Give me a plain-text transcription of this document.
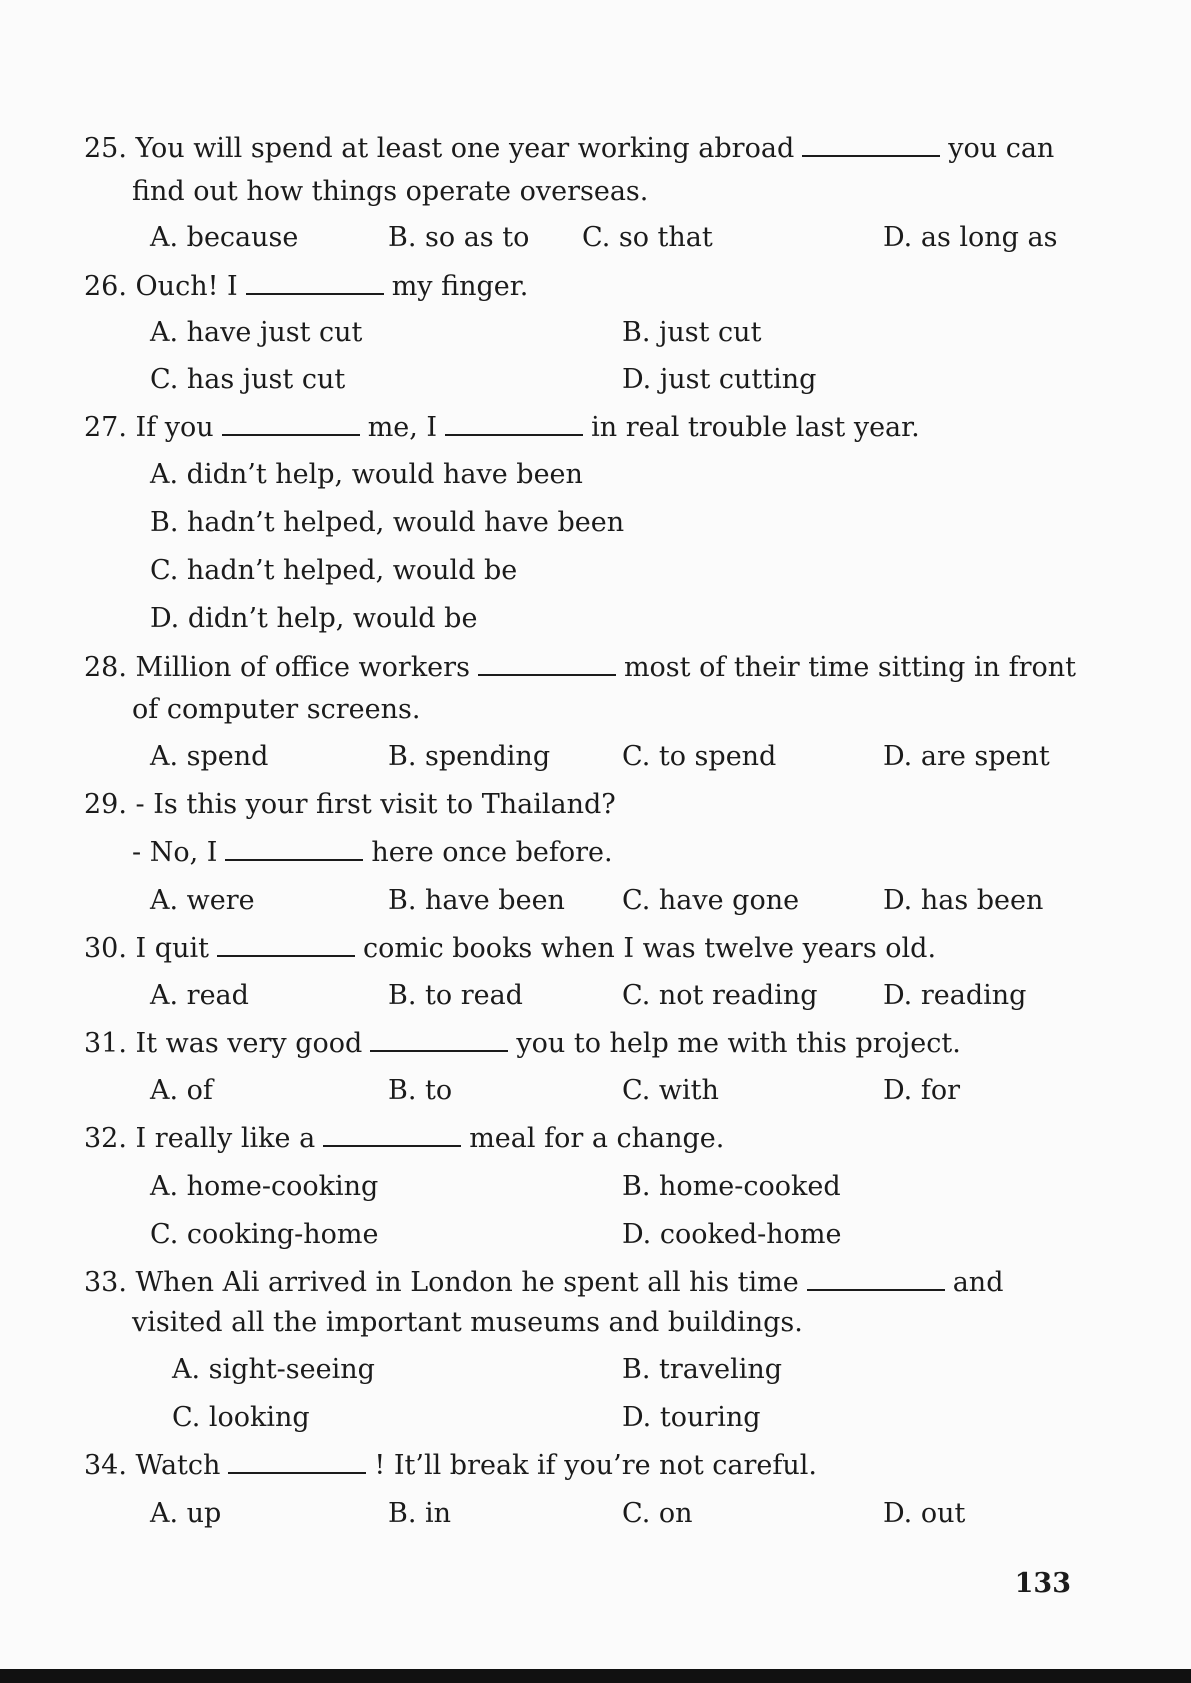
25. You will spend at least one year working abroad	you can
find out how things operate overseas.
A. because	B. so as to C. so that	D. as long as
26. Ouch! I	my finger.
A. have just cut	B. just cut
C. has just cut	D. just cutting
27. If you	me, I	in real trouble last year.
A. didn’t help, would have been
B. hadn’t helped, would have been
C. hadn’t helped, would be
D. didn’t help, would be
28. Million of office workers	most of their time sitting in front
of computer screens.
A. spend	B. spending	C. to spend	D. are spent
29. - Is this your first visit to Thailand?
- No, I	here once before.
A. were	B. have been C. have gone	D. has been
30. I quit	comic books when I was twelve years old.
A. read	B. to read	C. not reading D. reading
31. It was very good	you to help me with this project.
A. of	B. to	C. with	D. for
32. I really like a	meal for a change.
A. home-cooking	B. home-cooked
C. cooking-home	D. cooked-home
33. When Ali arrived in London he spent all his time	and
visited all the important museums and buildings.
A. sight-seeing	B. traveling
C. looking	D. touring
34. Watch	! It’ll break if you’re not careful.
A. up	B. in	C. on	D. out
133
